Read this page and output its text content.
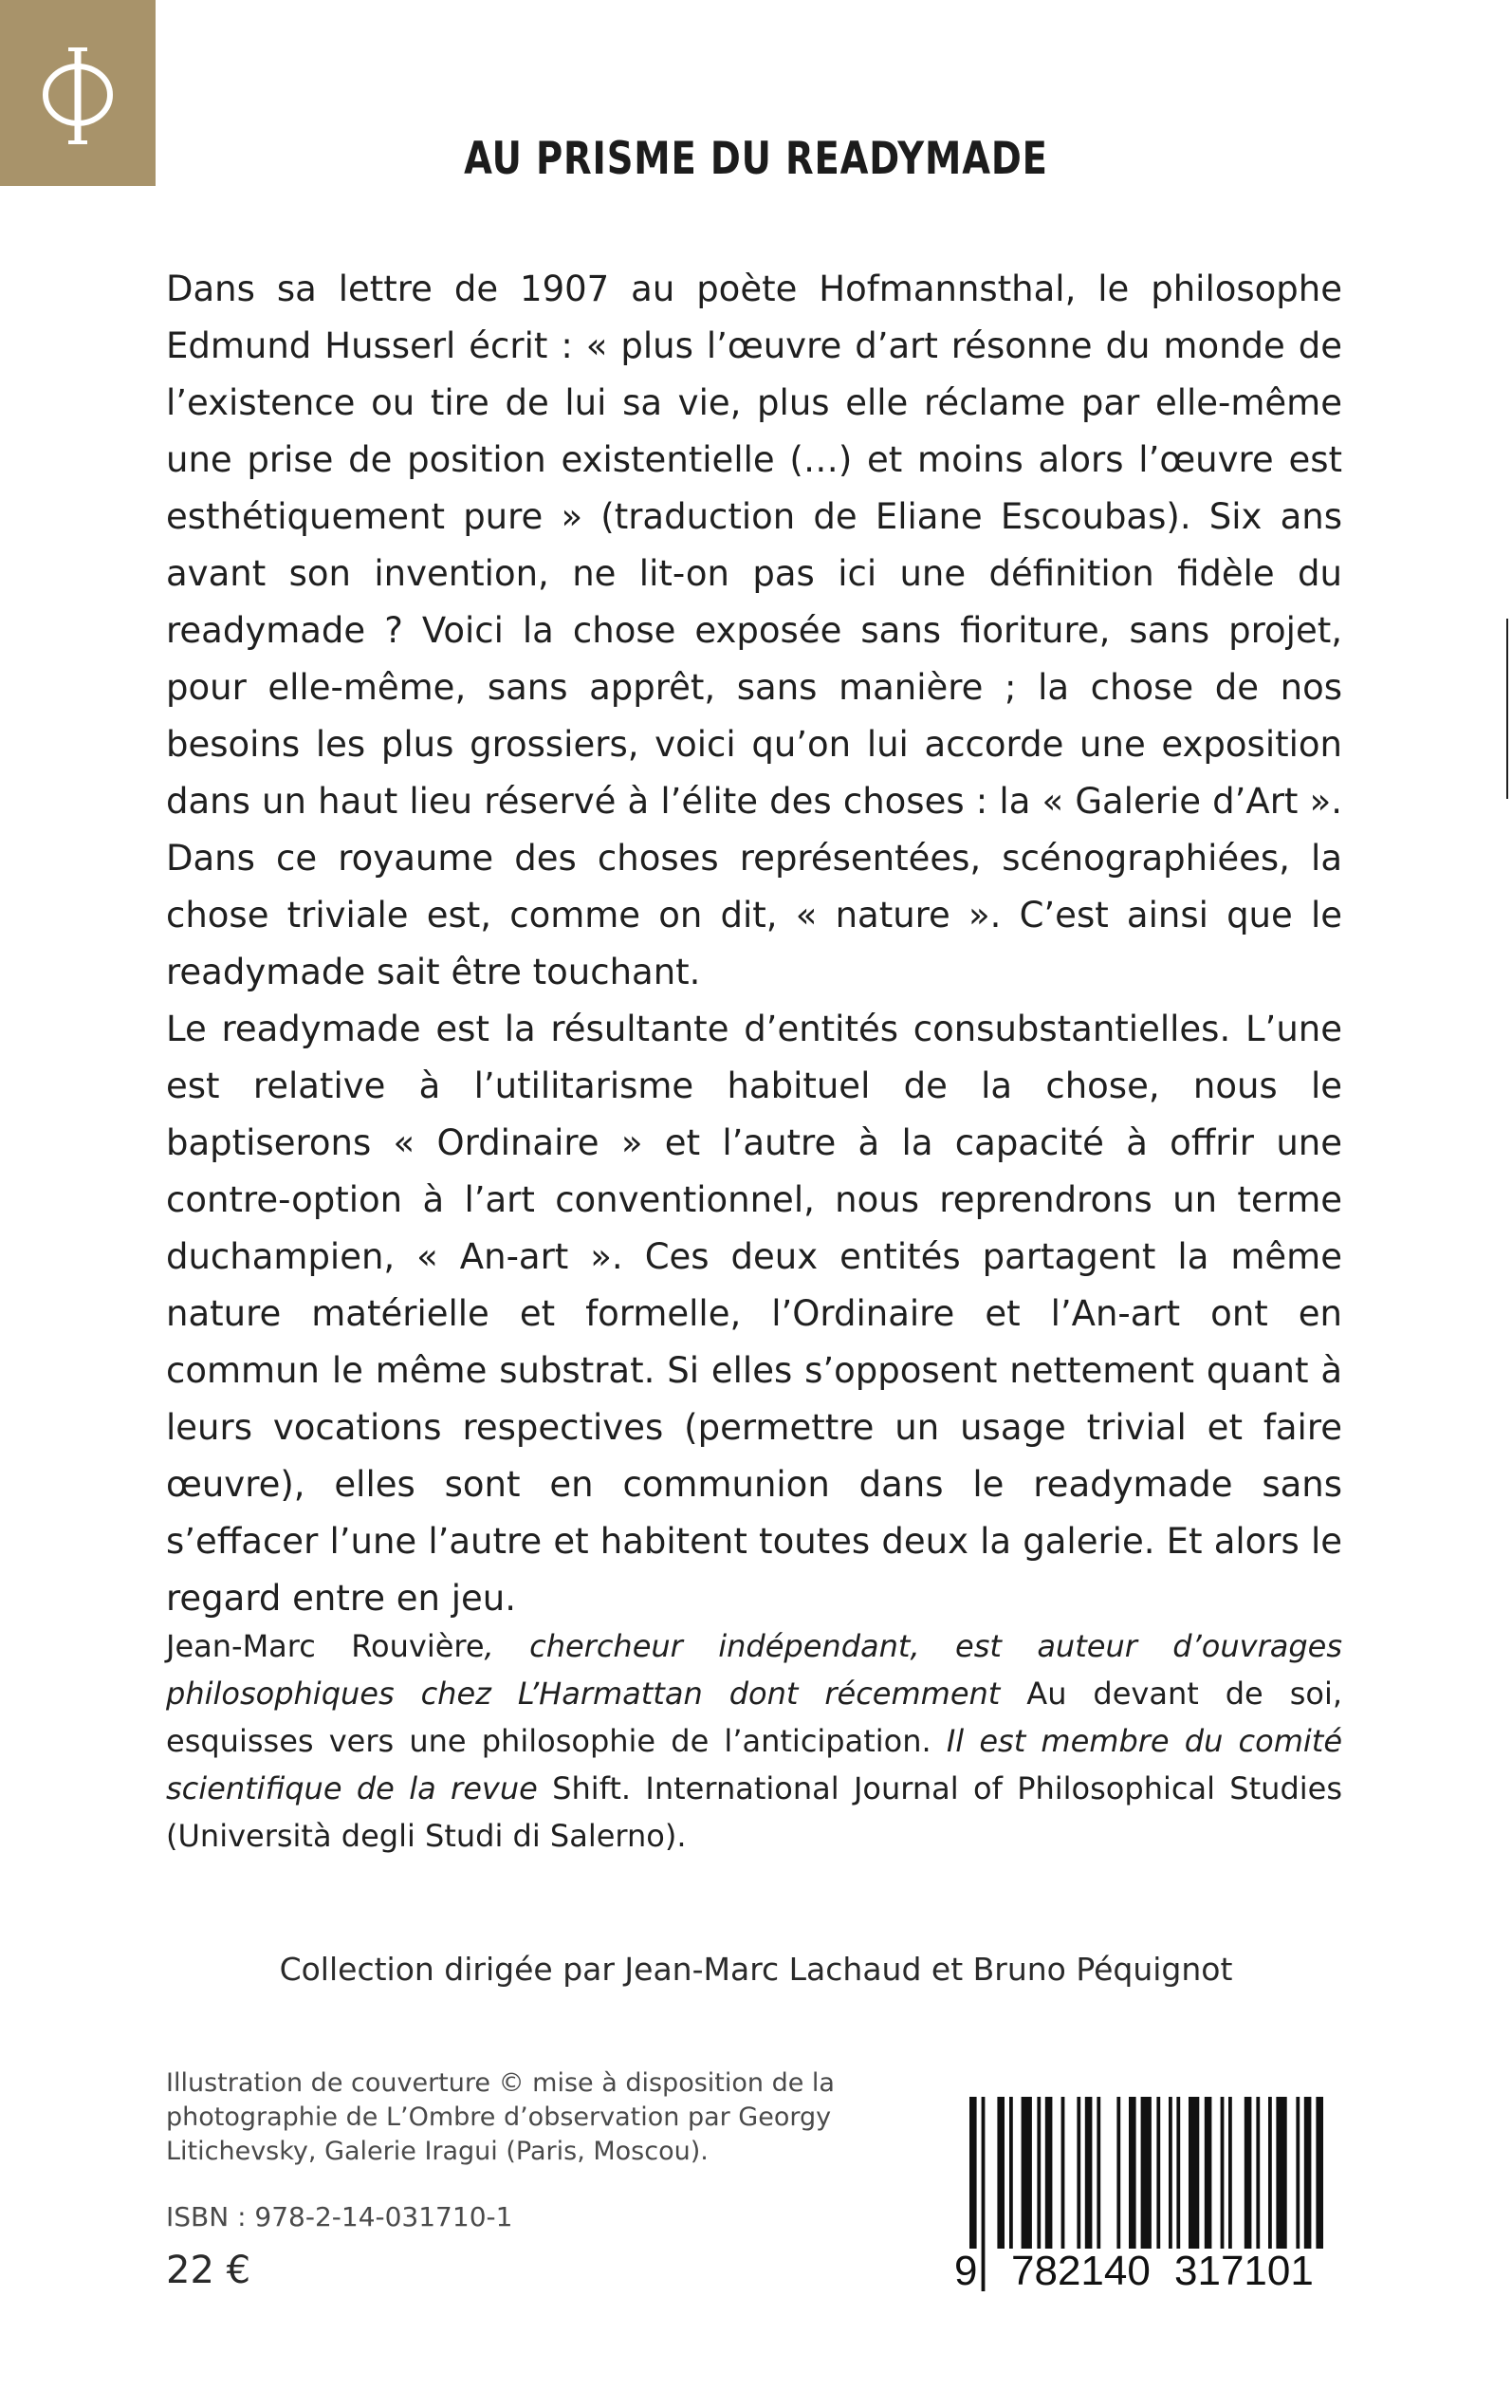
AU PRISME DU READYMADE

Dans sa lettre de 1907 au poète Hofmannsthal, le philosophe Edmund Husserl écrit : « plus l’œuvre d’art résonne du monde de l’existence ou tire de lui sa vie, plus elle réclame par elle-même une prise de position existentielle (…) et moins alors l’œuvre est esthétiquement pure » (traduction de Eliane Escoubas). Six ans avant son invention, ne lit-on pas ici une définition fidèle du readymade ? Voici la chose exposée sans fioriture, sans projet, pour elle-même, sans apprêt, sans manière ; la chose de nos besoins les plus grossiers, voici qu’on lui accorde une exposition dans un haut lieu réservé à l’élite des choses : la « Galerie d’Art ». Dans ce royaume des choses représentées, scénographiées, la chose triviale est, comme on dit, « nature ». C’est ainsi que le readymade sait être touchant.

Le readymade est la résultante d’entités consubstantielles. L’une est relative à l’utilitarisme habituel de la chose, nous le baptiserons « Ordinaire » et l’autre à la capacité à offrir une contre-option à l’art conventionnel, nous reprendrons un terme duchampien, « An-art ». Ces deux entités partagent la même nature matérielle et formelle, l’Ordinaire et l’An-art ont en commun le même substrat. Si elles s’opposent nettement quant à leurs vocations respectives (permettre un usage trivial et faire œuvre), elles sont en communion dans le readymade sans s’effacer l’une l’autre et habitent toutes deux la galerie. Et alors le regard entre en jeu.

Jean-Marc Rouvière, chercheur indépendant, est auteur d’ouvrages philosophiques chez L’Harmattan dont récemment Au devant de soi, esquisses vers une philosophie de l’anticipation. Il est membre du comité scientifique de la revue Shift. International Journal of Philosophical Studies (Università degli Studi di Salerno).

Collection dirigée par Jean-Marc Lachaud et Bruno Péquignot

Illustration de couverture © mise à disposition de la photographie de L’Ombre d’observation par Georgy Litichevsky, Galerie Iragui (Paris, Moscou).

ISBN : 978-2-14-031710-1
22 €	9 782140 317101
